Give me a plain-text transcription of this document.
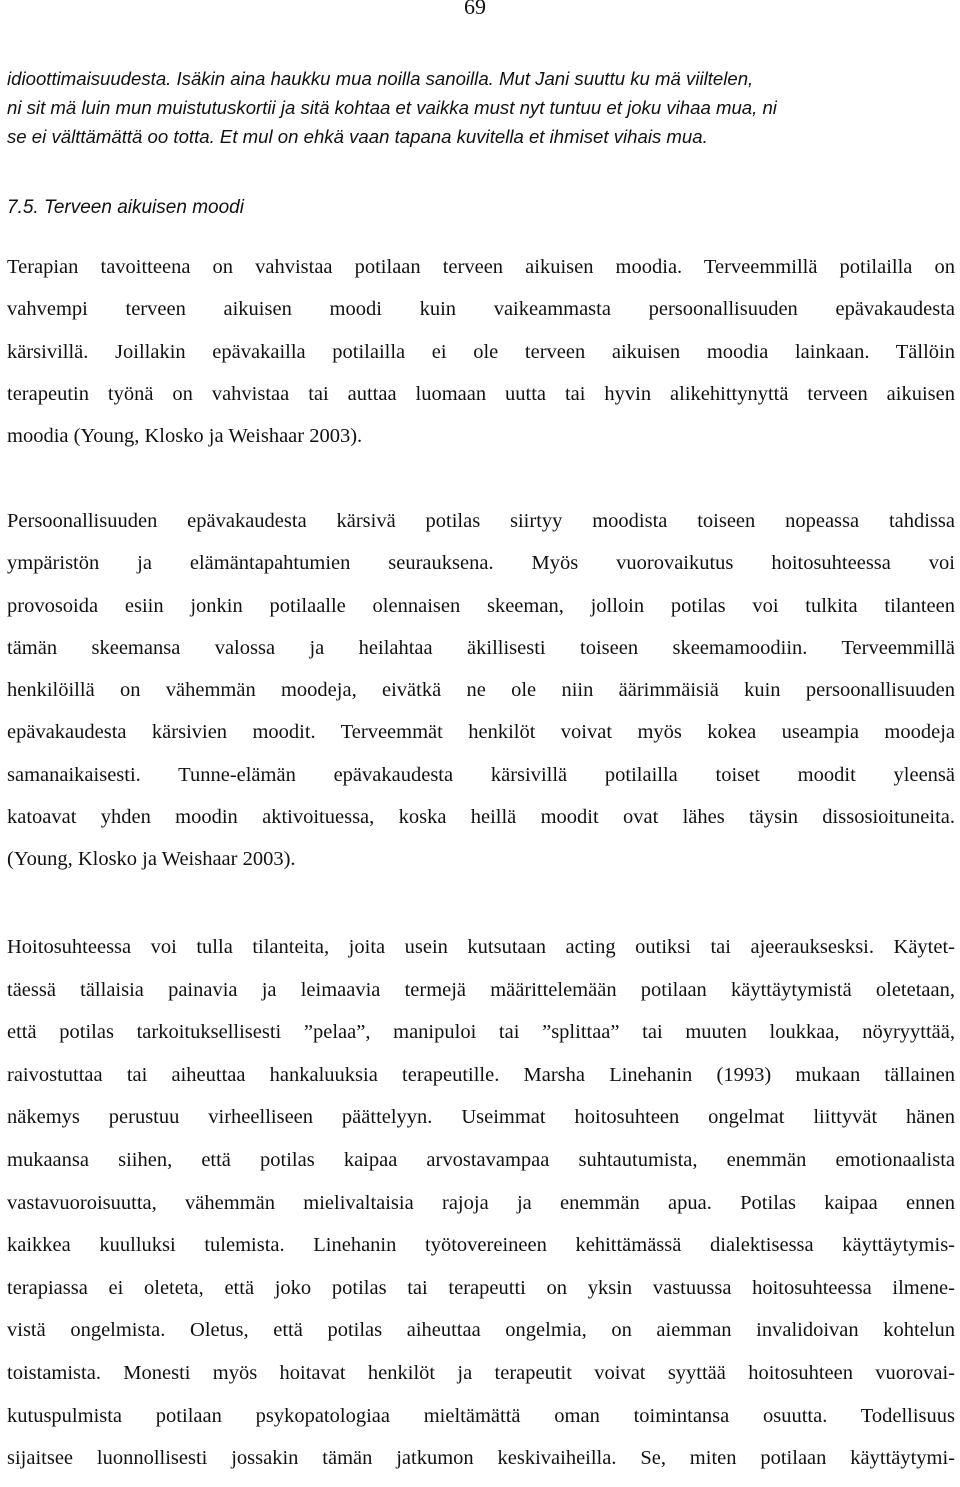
69

idioottimaisuudesta. Isäkin aina haukku mua noilla sanoilla. Mut Jani suuttu ku mä viiltelen,
ni sit mä luin mun muistutuskortii ja sitä kohtaa et vaikka must nyt tuntuu et joku vihaa mua, ni
se ei välttämättä oo totta. Et mul on ehkä vaan tapana kuvitella et ihmiset vihais mua.

7.5. Terveen aikuisen moodi

Terapian tavoitteena on vahvistaa potilaan terveen aikuisen moodia. Terveemmillä potilailla on
vahvempi terveen aikuisen moodi kuin vaikeammasta persoonallisuuden epävakaudesta
kärsivillä. Joillakin epävakailla potilailla ei ole terveen aikuisen moodia lainkaan. Tällöin
terapeutin työnä on vahvistaa tai auttaa luomaan uutta tai hyvin alikehittynyttä terveen aikuisen
moodia (Young, Klosko ja Weishaar 2003).

Persoonallisuuden epävakaudesta kärsivä potilas siirtyy moodista toiseen nopeassa tahdissa
ympäristön ja elämäntapahtumien seurauksena. Myös vuorovaikutus hoitosuhteessa voi
provosoida esiin jonkin potilaalle olennaisen skeeman, jolloin potilas voi tulkita tilanteen
tämän skeemansa valossa ja heilahtaa äkillisesti toiseen skeemamoodiin. Terveemmillä
henkilöillä on vähemmän moodeja, eivätkä ne ole niin äärimmäisiä kuin persoonallisuuden
epävakaudesta kärsivien moodit. Terveemmät henkilöt voivat myös kokea useampia moodeja
samanaikaisesti. Tunne-elämän epävakaudesta kärsivillä potilailla toiset moodit yleensä
katoavat yhden moodin aktivoituessa, koska heillä moodit ovat lähes täysin dissosioituneita.
(Young, Klosko ja Weishaar 2003).

Hoitosuhteessa voi tulla tilanteita, joita usein kutsutaan acting outiksi tai ajeerauksesksi. Käytet-
täessä tällaisia painavia ja leimaavia termejä määrittelemään potilaan käyttäytymistä oletetaan,
että potilas tarkoituksellisesti ”pelaa”, manipuloi tai ”splittaa” tai muuten loukkaa, nöyryyttää,
raivostuttaa tai aiheuttaa hankaluuksia terapeutille. Marsha Linehanin (1993) mukaan tällainen
näkemys perustuu virheelliseen päättelyyn. Useimmat hoitosuhteen ongelmat liittyvät hänen
mukaansa siihen, että potilas kaipaa arvostavampaa suhtautumista, enemmän emotionaalista
vastavuoroisuutta, vähemmän mielivaltaisia rajoja ja enemmän apua. Potilas kaipaa ennen
kaikkea kuulluksi tulemista. Linehanin työtovereineen kehittämässä dialektisessa käyttäytymis-
terapiassa ei oleteta, että joko potilas tai terapeutti on yksin vastuussa hoitosuhteessa ilmene-
vistä ongelmista. Oletus, että potilas aiheuttaa ongelmia, on aiemman invalidoivan kohtelun
toistamista. Monesti myös hoitavat henkilöt ja terapeutit voivat syyttää hoitosuhteen vuorovai-
kutuspulmista potilaan psykopatologiaa mieltämättä oman toimintansa osuutta. Todellisuus
sijaitsee luonnollisesti jossakin tämän jatkumon keskivaiheilla. Se, miten potilaan käyttäytymi-
